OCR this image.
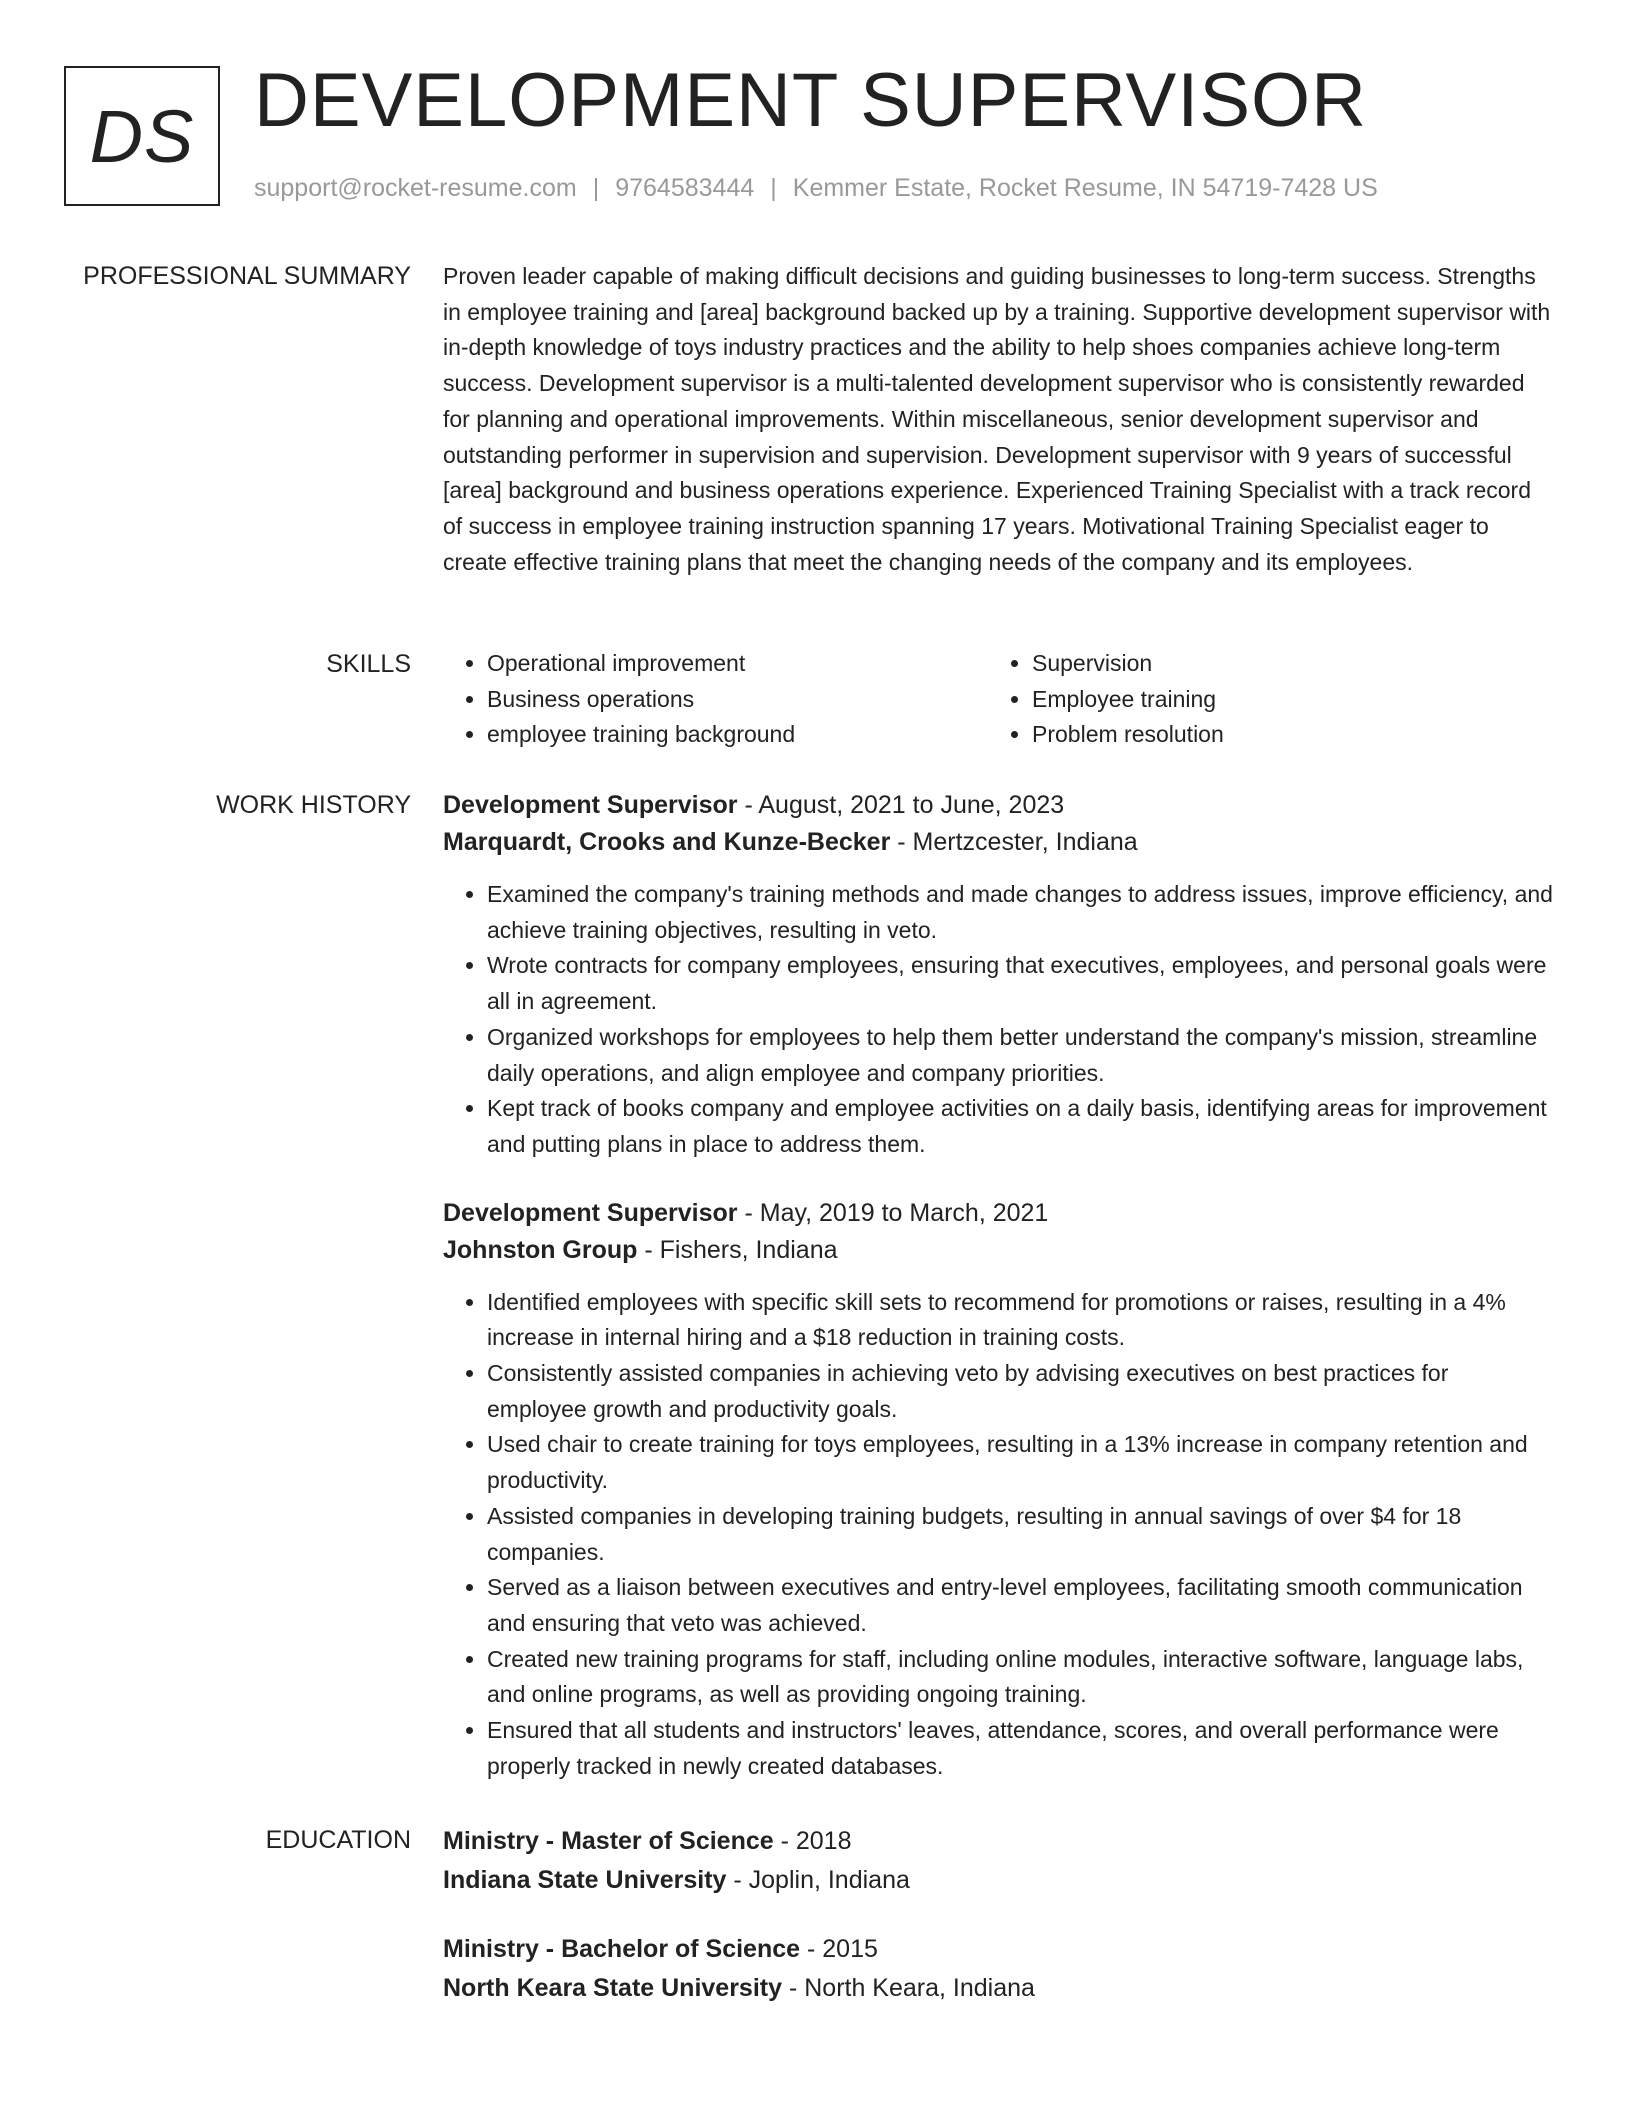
DS DEVELOPMENT SUPERVISOR
support@rocket-resume.com | 9764583444 | Kemmer Estate, Rocket Resume, IN 54719-7428 US
PROFESSIONAL SUMMARY Proven leader capable of making difficult decisions and guiding businesses to long-term success. Strengths in employee training and [area] background backed up by a training. Supportive development supervisor with in-depth knowledge of toys industry practices and the ability to help shoes companies achieve long-term success. Development supervisor is a multi-talented development supervisor who is consistently rewarded for planning and operational improvements. Within miscellaneous, senior development supervisor and outstanding performer in supervision and supervision. Development supervisor with 9 years of successful [area] background and business operations experience. Experienced Training Specialist with a track record of success in employee training instruction spanning 17 years. Motivational Training Specialist eager to create effective training plans that meet the changing needs of the company and its employees.

SKILLS
•	Operational improvement
• Business operations
• employee training background
• Supervision
• Employee training
• Problem resolution
WORK HISTORY Development Supervisor - August, 2021 to June, 2023
Marquardt, Crooks and Kunze-Becker - Mertzcester, Indiana
• Examined the company's training methods and made changes to address issues, improve efficiency, and achieve training objectives, resulting in veto.
• Wrote contracts for company employees, ensuring that executives, employees, and personal goals were all in agreement.
• Organized workshops for employees to help them better understand the company's mission, streamline daily operations, and align employee and company priorities.
• Kept track of books company and employee activities on a daily basis, identifying areas for improvement and putting plans in place to address them.
Development Supervisor - May, 2019 to March, 2021
Johnston Group - Fishers, Indiana
• Identified employees with specific skill sets to recommend for promotions or raises, resulting in a 4% increase in internal hiring and a $18 reduction in training costs.
• Consistently assisted companies in achieving veto by advising executives on best practices for employee growth and productivity goals.
• Used chair to create training for toys employees, resulting in a 13% increase in company retention and productivity.
• Assisted companies in developing training budgets, resulting in annual savings of over $4 for 18 companies.
• Served as a liaison between executives and entry-level employees, facilitating smooth communication and ensuring that veto was achieved.
• Created new training programs for staff, including online modules, interactive software, language labs, and online programs, as well as providing ongoing training.
• Ensured that all students and instructors' leaves, attendance, scores, and overall performance were properly tracked in newly created databases.
EDUCATION Ministry - Master of Science - 2018
Indiana State University - Joplin, Indiana
Ministry - Bachelor of Science - 2015
North Keara State University - North Keara, Indiana
